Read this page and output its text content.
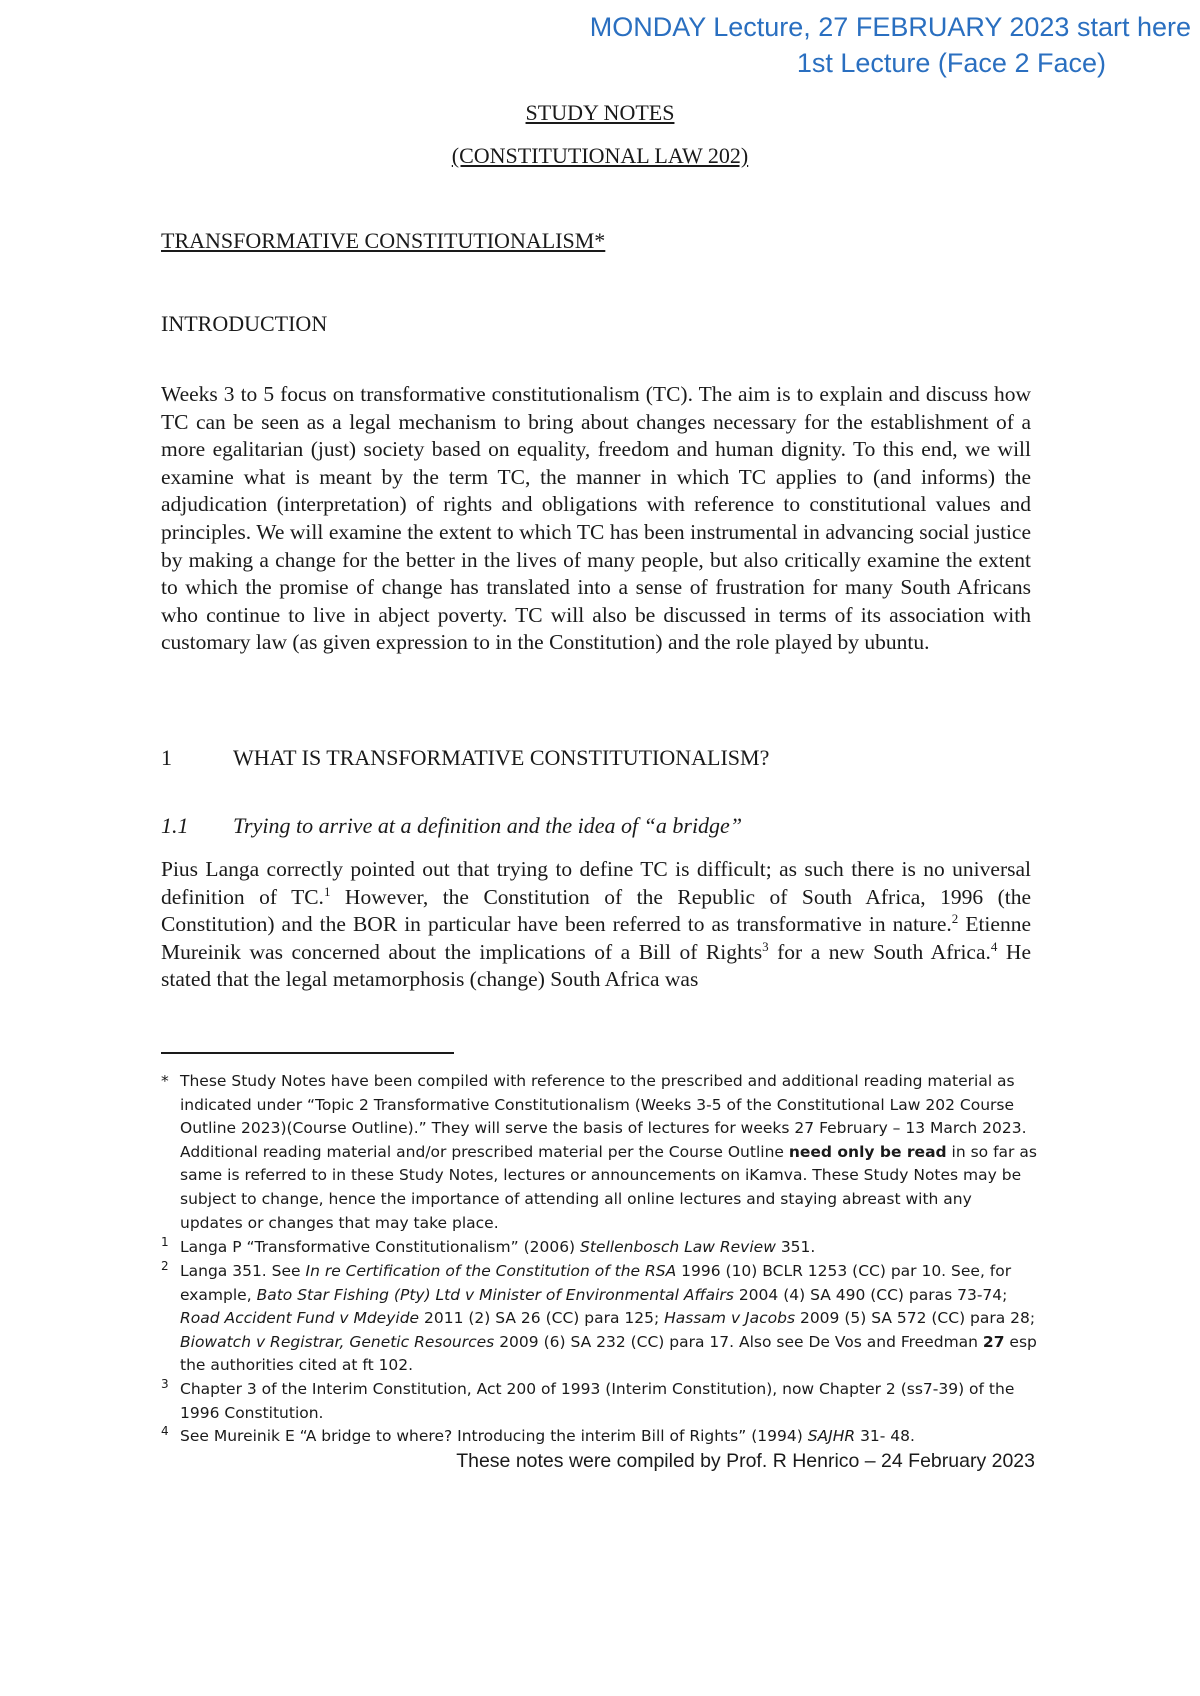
MONDAY Lecture, 27 FEBRUARY 2023 start here
1st Lecture (Face 2 Face)
STUDY NOTES
(CONSTITUTIONAL LAW 202)
TRANSFORMATIVE CONSTITUTIONALISM*
INTRODUCTION

Weeks 3 to 5 focus on transformative constitutionalism (TC). The aim is to explain and discuss how TC can be seen as a legal mechanism to bring about changes necessary for the establishment of a more egalitarian (just) society based on equality, freedom and human dignity. To this end, we will examine what is meant by the term TC, the manner in which TC applies to (and informs) the adjudication (interpretation) of rights and obligations with reference to constitutional values and principles. We will examine the extent to which TC has been instrumental in advancing social justice by making a change for the better in the lives of many people, but also critically examine the extent to which the promise of change has translated into a sense of frustration for many South Africans who continue to live in abject poverty. TC will also be discussed in terms of its association with customary law (as given expression to in the Constitution) and the role played by ubuntu.

1	WHAT IS TRANSFORMATIVE CONSTITUTIONALISM?
1.1 Trying to arrive at a definition and the idea of “a bridge”

Pius Langa correctly pointed out that trying to define TC is difficult; as such there is no universal definition of TC.$^1$ However, the Constitution of the Republic of South Africa, 1996 (the Constitution) and the BOR in particular have been referred to as transformative in nature.$^2$ Etienne Mureinik was concerned about the implications of a Bill of Rights$^3$ for a new South Africa.$^4$ He stated that the legal metamorphosis (change) South Africa was

* These Study Notes have been compiled with reference to the prescribed and additional reading material as indicated under “Topic 2 Transformative Constitutionalism (Weeks 3-5 of the Constitutional Law 202 Course Outline 2023)(Course Outline).” They will serve the basis of lectures for weeks 27 February – 13 March 2023. Additional reading material and/or prescribed material per the Course Outline need only be read in so far as same is referred to in these Study Notes, lectures or announcements on iKamva. These Study Notes may be subject to change, hence the importance of attending all online lectures and staying abreast with any updates or changes that may take place.
$^1$ Langa P “Transformative Constitutionalism” (2006) Stellenbosch Law Review 351.
$^2$ Langa 351. See In re Certification of the Constitution of the RSA 1996 (10) BCLR 1253 (CC) par 10. See, for example, Bato Star Fishing (Pty) Ltd v Minister of Environmental Affairs 2004 (4) SA 490 (CC) paras 73-74; Road Accident Fund v Mdeyide 2011 (2) SA 26 (CC) para 125; Hassam v Jacobs 2009 (5) SA 572 (CC) para 28; Biowatch v Registrar, Genetic Resources 2009 (6) SA 232 (CC) para 17. Also see De Vos and Freedman 27 esp the authorities cited at ft 102.
$^3$ Chapter 3 of the Interim Constitution, Act 200 of 1993 (Interim Constitution), now Chapter 2 (ss7-39) of the 1996 Constitution.
$^4$ See Mureinik E “A bridge to where? Introducing the interim Bill of Rights” (1994) SAJHR 31- 48.
These notes were compiled by Prof. R Henrico – 24 February 2023
